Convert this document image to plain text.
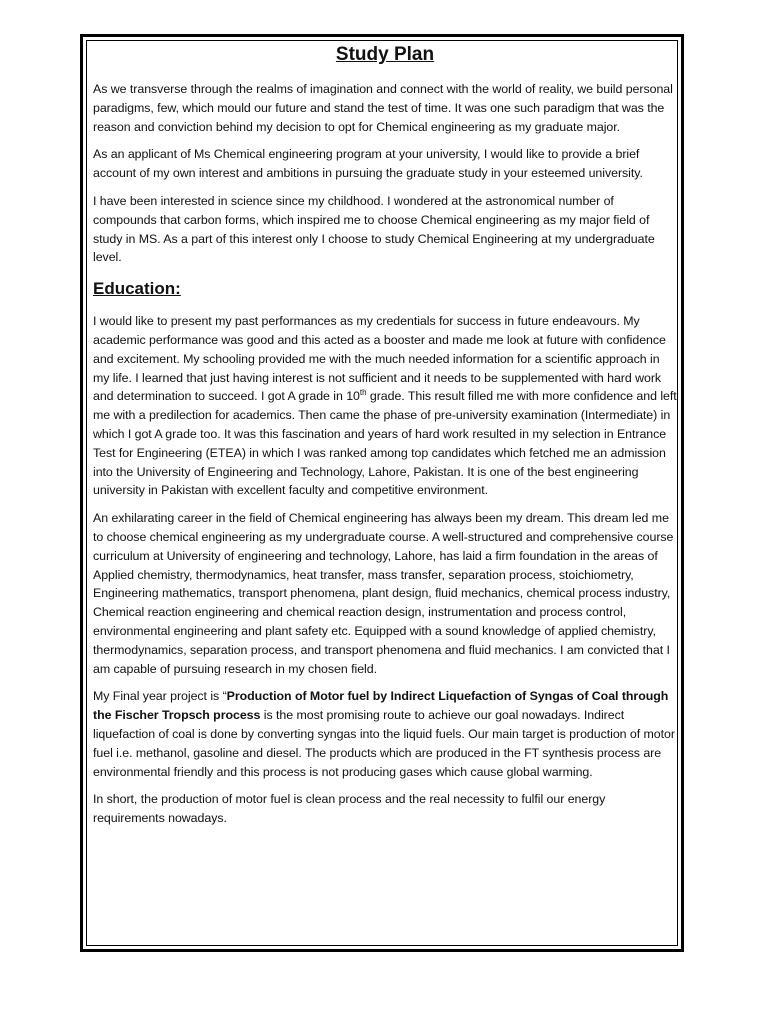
Study Plan

As we transverse through the realms of imagination and connect with the world of reality, we build personal paradigms, few, which mould our future and stand the test of time. It was one such paradigm that was the reason and conviction behind my decision to opt for Chemical engineering as my graduate major.

As an applicant of Ms Chemical engineering program at your university, I would like to provide a brief account of my own interest and ambitions in pursuing the graduate study in your esteemed university.

I have been interested in science since my childhood. I wondered at the astronomical number of compounds that carbon forms, which inspired me to choose Chemical engineering as my major field of study in MS. As a part of this interest only I choose to study Chemical Engineering at my undergraduate level.

Education:

I would like to present my past performances as my credentials for success in future endeavours. My academic performance was good and this acted as a booster and made me look at future with confidence and excitement. My schooling provided me with the much needed information for a scientific approach in my life. I learned that just having interest is not sufficient and it needs to be supplemented with hard work and determination to succeed. I got A grade in 10th grade. This result filled me with more confidence and left me with a predilection for academics. Then came the phase of pre-university examination (Intermediate) in which I got A grade too. It was this fascination and years of hard work resulted in my selection in Entrance Test for Engineering (ETEA) in which I was ranked among top candidates which fetched me an admission into the University of Engineering and Technology, Lahore, Pakistan. It is one of the best engineering university in Pakistan with excellent faculty and competitive environment.

An exhilarating career in the field of Chemical engineering has always been my dream. This dream led me to choose chemical engineering as my undergraduate course. A well-structured and comprehensive course curriculum at University of engineering and technology, Lahore, has laid a firm foundation in the areas of Applied chemistry, thermodynamics, heat transfer, mass transfer, separation process, stoichiometry, Engineering mathematics, transport phenomena, plant design, fluid mechanics, chemical process industry, Chemical reaction engineering and chemical reaction design, instrumentation and process control, environmental engineering and plant safety etc. Equipped with a sound knowledge of applied chemistry, thermodynamics, separation process, and transport phenomena and fluid mechanics. I am convicted that I am capable of pursuing research in my chosen field.

My Final year project is “Production of Motor fuel by Indirect Liquefaction of Syngas of Coal through the Fischer Tropsch process is the most promising route to achieve our goal nowadays. Indirect liquefaction of coal is done by converting syngas into the liquid fuels. Our main target is production of motor fuel i.e. methanol, gasoline and diesel. The products which are produced in the FT synthesis process are environmental friendly and this process is not producing gases which cause global warming.

In short, the production of motor fuel is clean process and the real necessity to fulfil our energy requirements nowadays.
